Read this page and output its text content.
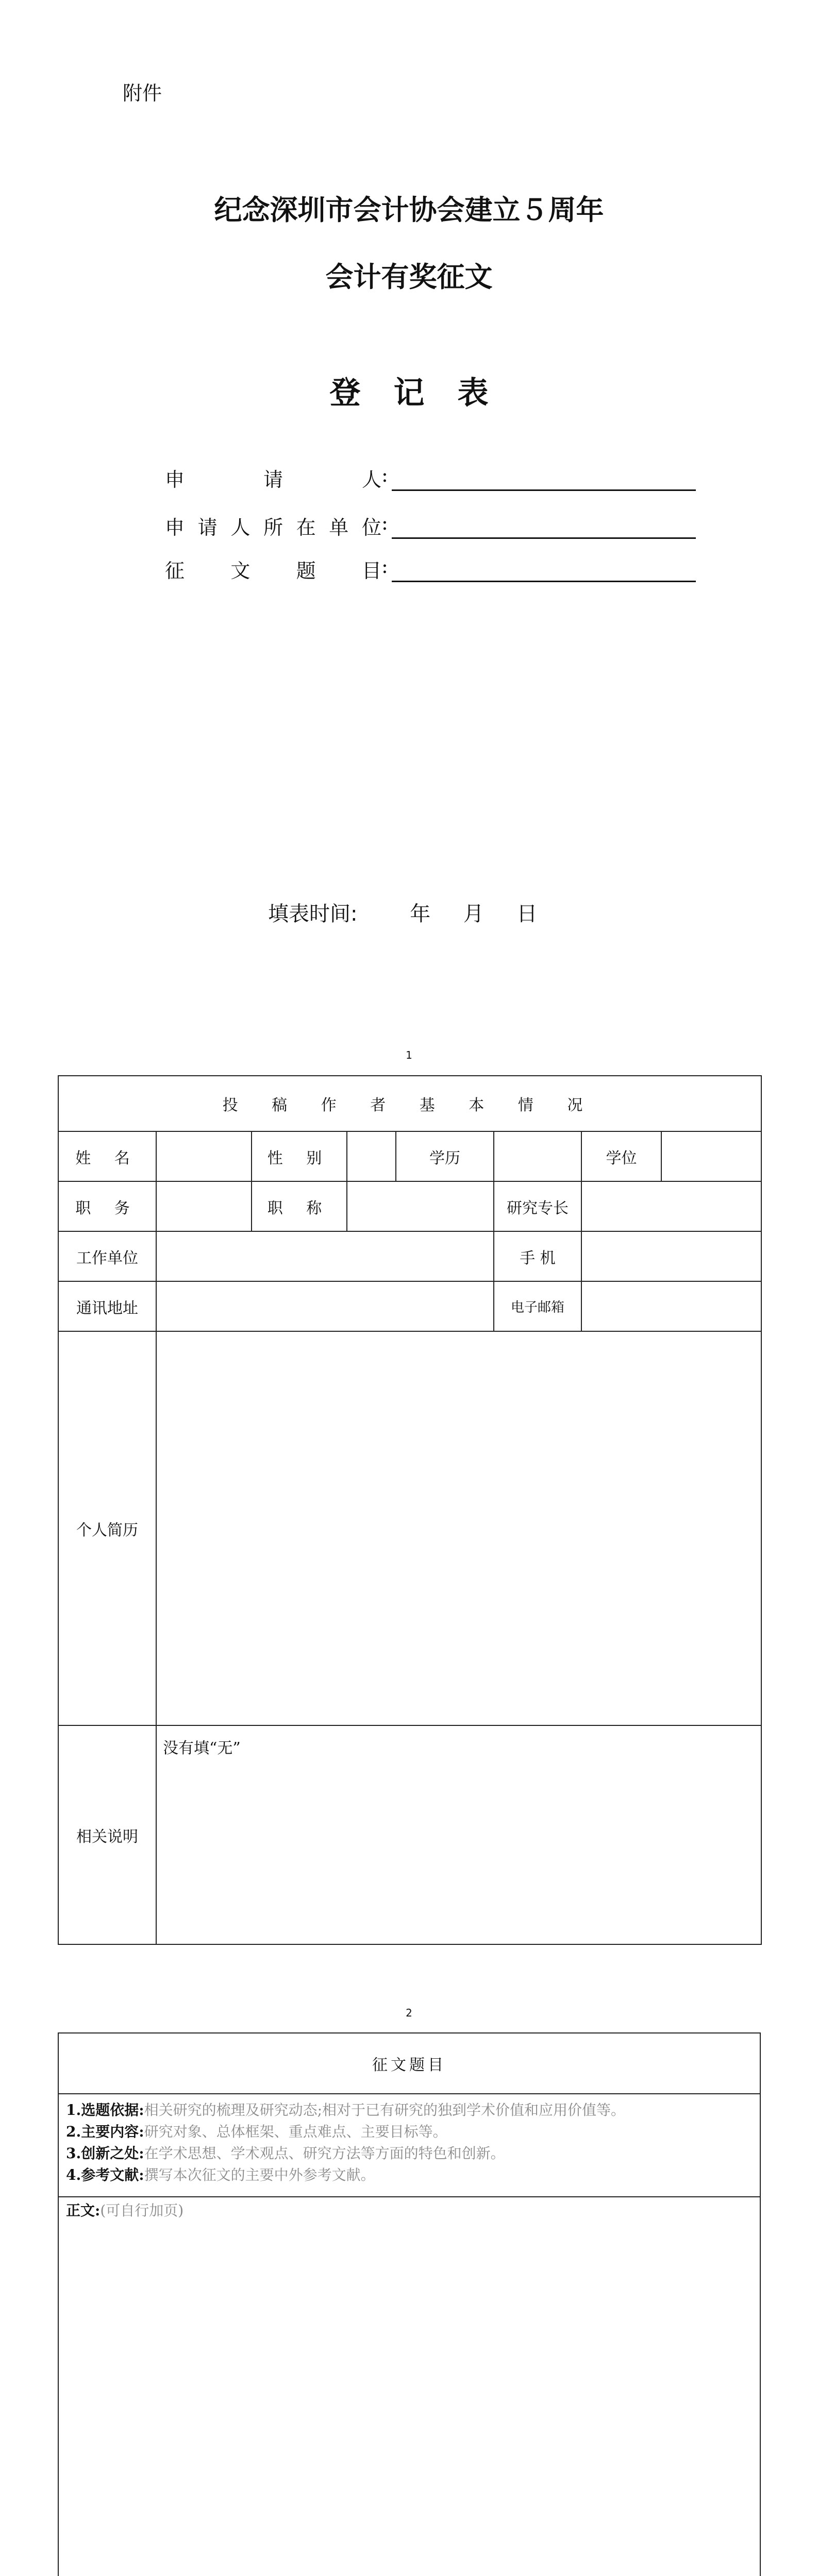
附件
纪念深圳市会计协会建立５周年
会计有奖征文
登记表
申	请	人 :
申 请 人 所 在 单 位 :
征 文 题 目 :
填表时间:        年     月     日
1
投 稿 作 者 基 本 情 况							
姓 名		性 别		学历		学位	
职 务		职 称			研究专长		
工作单位					手 机		
通讯地址					电子邮箱		
个人简历							
相关说明	没有填“无”						
2
征文题目

1.选题依据:相关研究的梳理及研究动态;相对于已有研究的独到学术价值和应用价值等。
2.主要内容:研究对象、总体框架、重点难点、主要目标等。
3.创新之处:在学术思想、学术观点、研究方法等方面的特色和创新。
4.参考文献:撰写本次征文的主要中外参考文献。

正文:(可自行加页)
